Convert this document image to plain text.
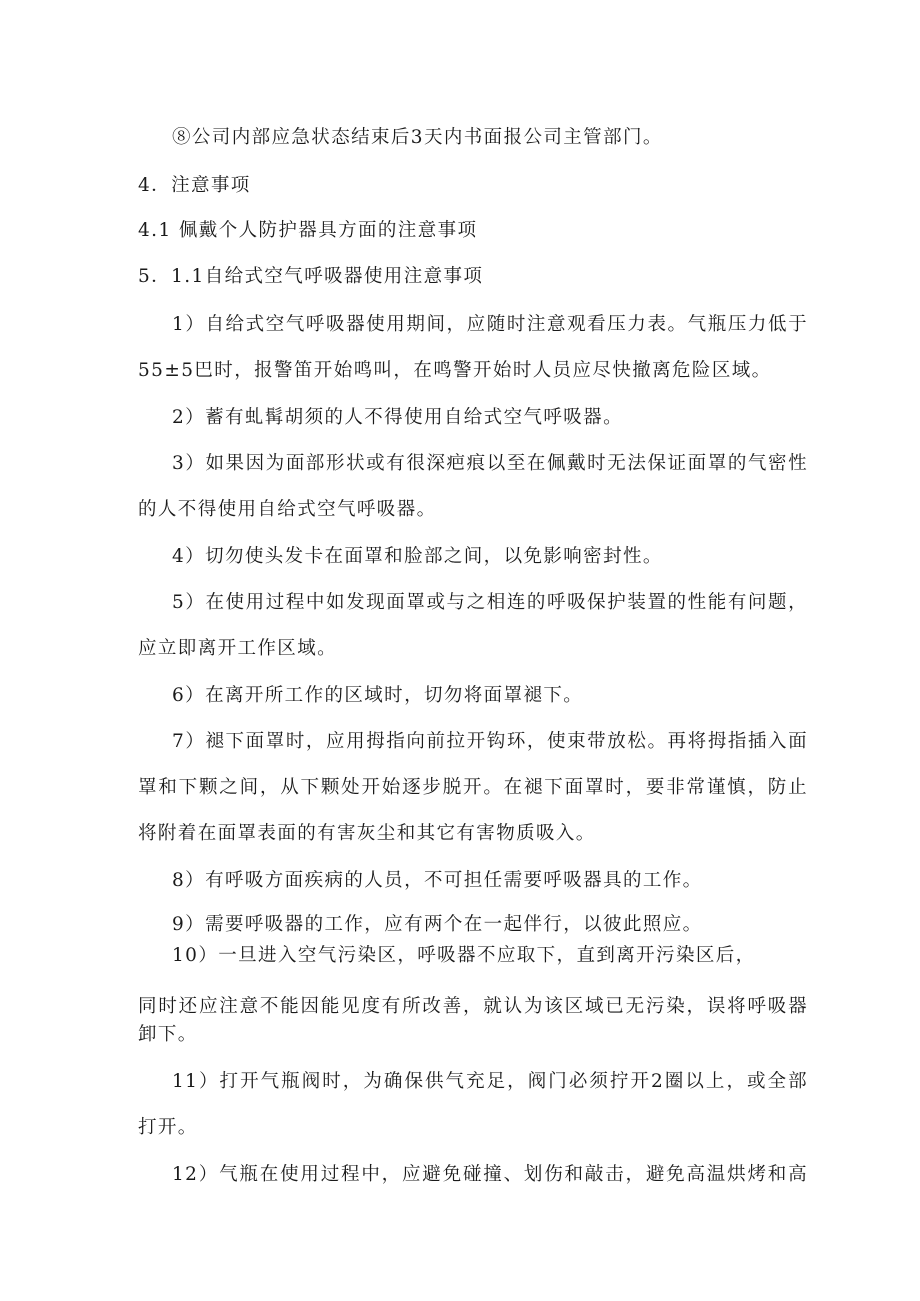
⑧公司内部应急状态结束后3天内书面报公司主管部门。
4．注意事项
4.1 佩戴个人防护器具方面的注意事项
5．1.1自给式空气呼吸器使用注意事项
1）自给式空气呼吸器使用期间，应随时注意观看压力表。气瓶压力低于
55±5巴时，报警笛开始鸣叫，在鸣警开始时人员应尽快撤离危险区域。
2）蓄有虬髯胡须的人不得使用自给式空气呼吸器。
3）如果因为面部形状或有很深疤痕以至在佩戴时无法保证面罩的气密性
的人不得使用自给式空气呼吸器。
4）切勿使头发卡在面罩和脸部之间，以免影响密封性。
5）在使用过程中如发现面罩或与之相连的呼吸保护装置的性能有问题，
应立即离开工作区域。
6）在离开所工作的区域时，切勿将面罩褪下。
7）褪下面罩时，应用拇指向前拉开钩环，使束带放松。再将拇指插入面
罩和下颗之间，从下颗处开始逐步脱开。在褪下面罩时，要非常谨慎，防止
将附着在面罩表面的有害灰尘和其它有害物质吸入。
8）有呼吸方面疾病的人员，不可担任需要呼吸器具的工作。
9）需要呼吸器的工作，应有两个在一起伴行，以彼此照应。
10）一旦进入空气污染区，呼吸器不应取下，直到离开污染区后，
同时还应注意不能因能见度有所改善，就认为该区域已无污染，误将呼吸器
卸下。
11）打开气瓶阀时，为确保供气充足，阀门必须拧开2圈以上，或全部
打开。
12）气瓶在使用过程中，应避免碰撞、划伤和敲击，避免高温烘烤和高
